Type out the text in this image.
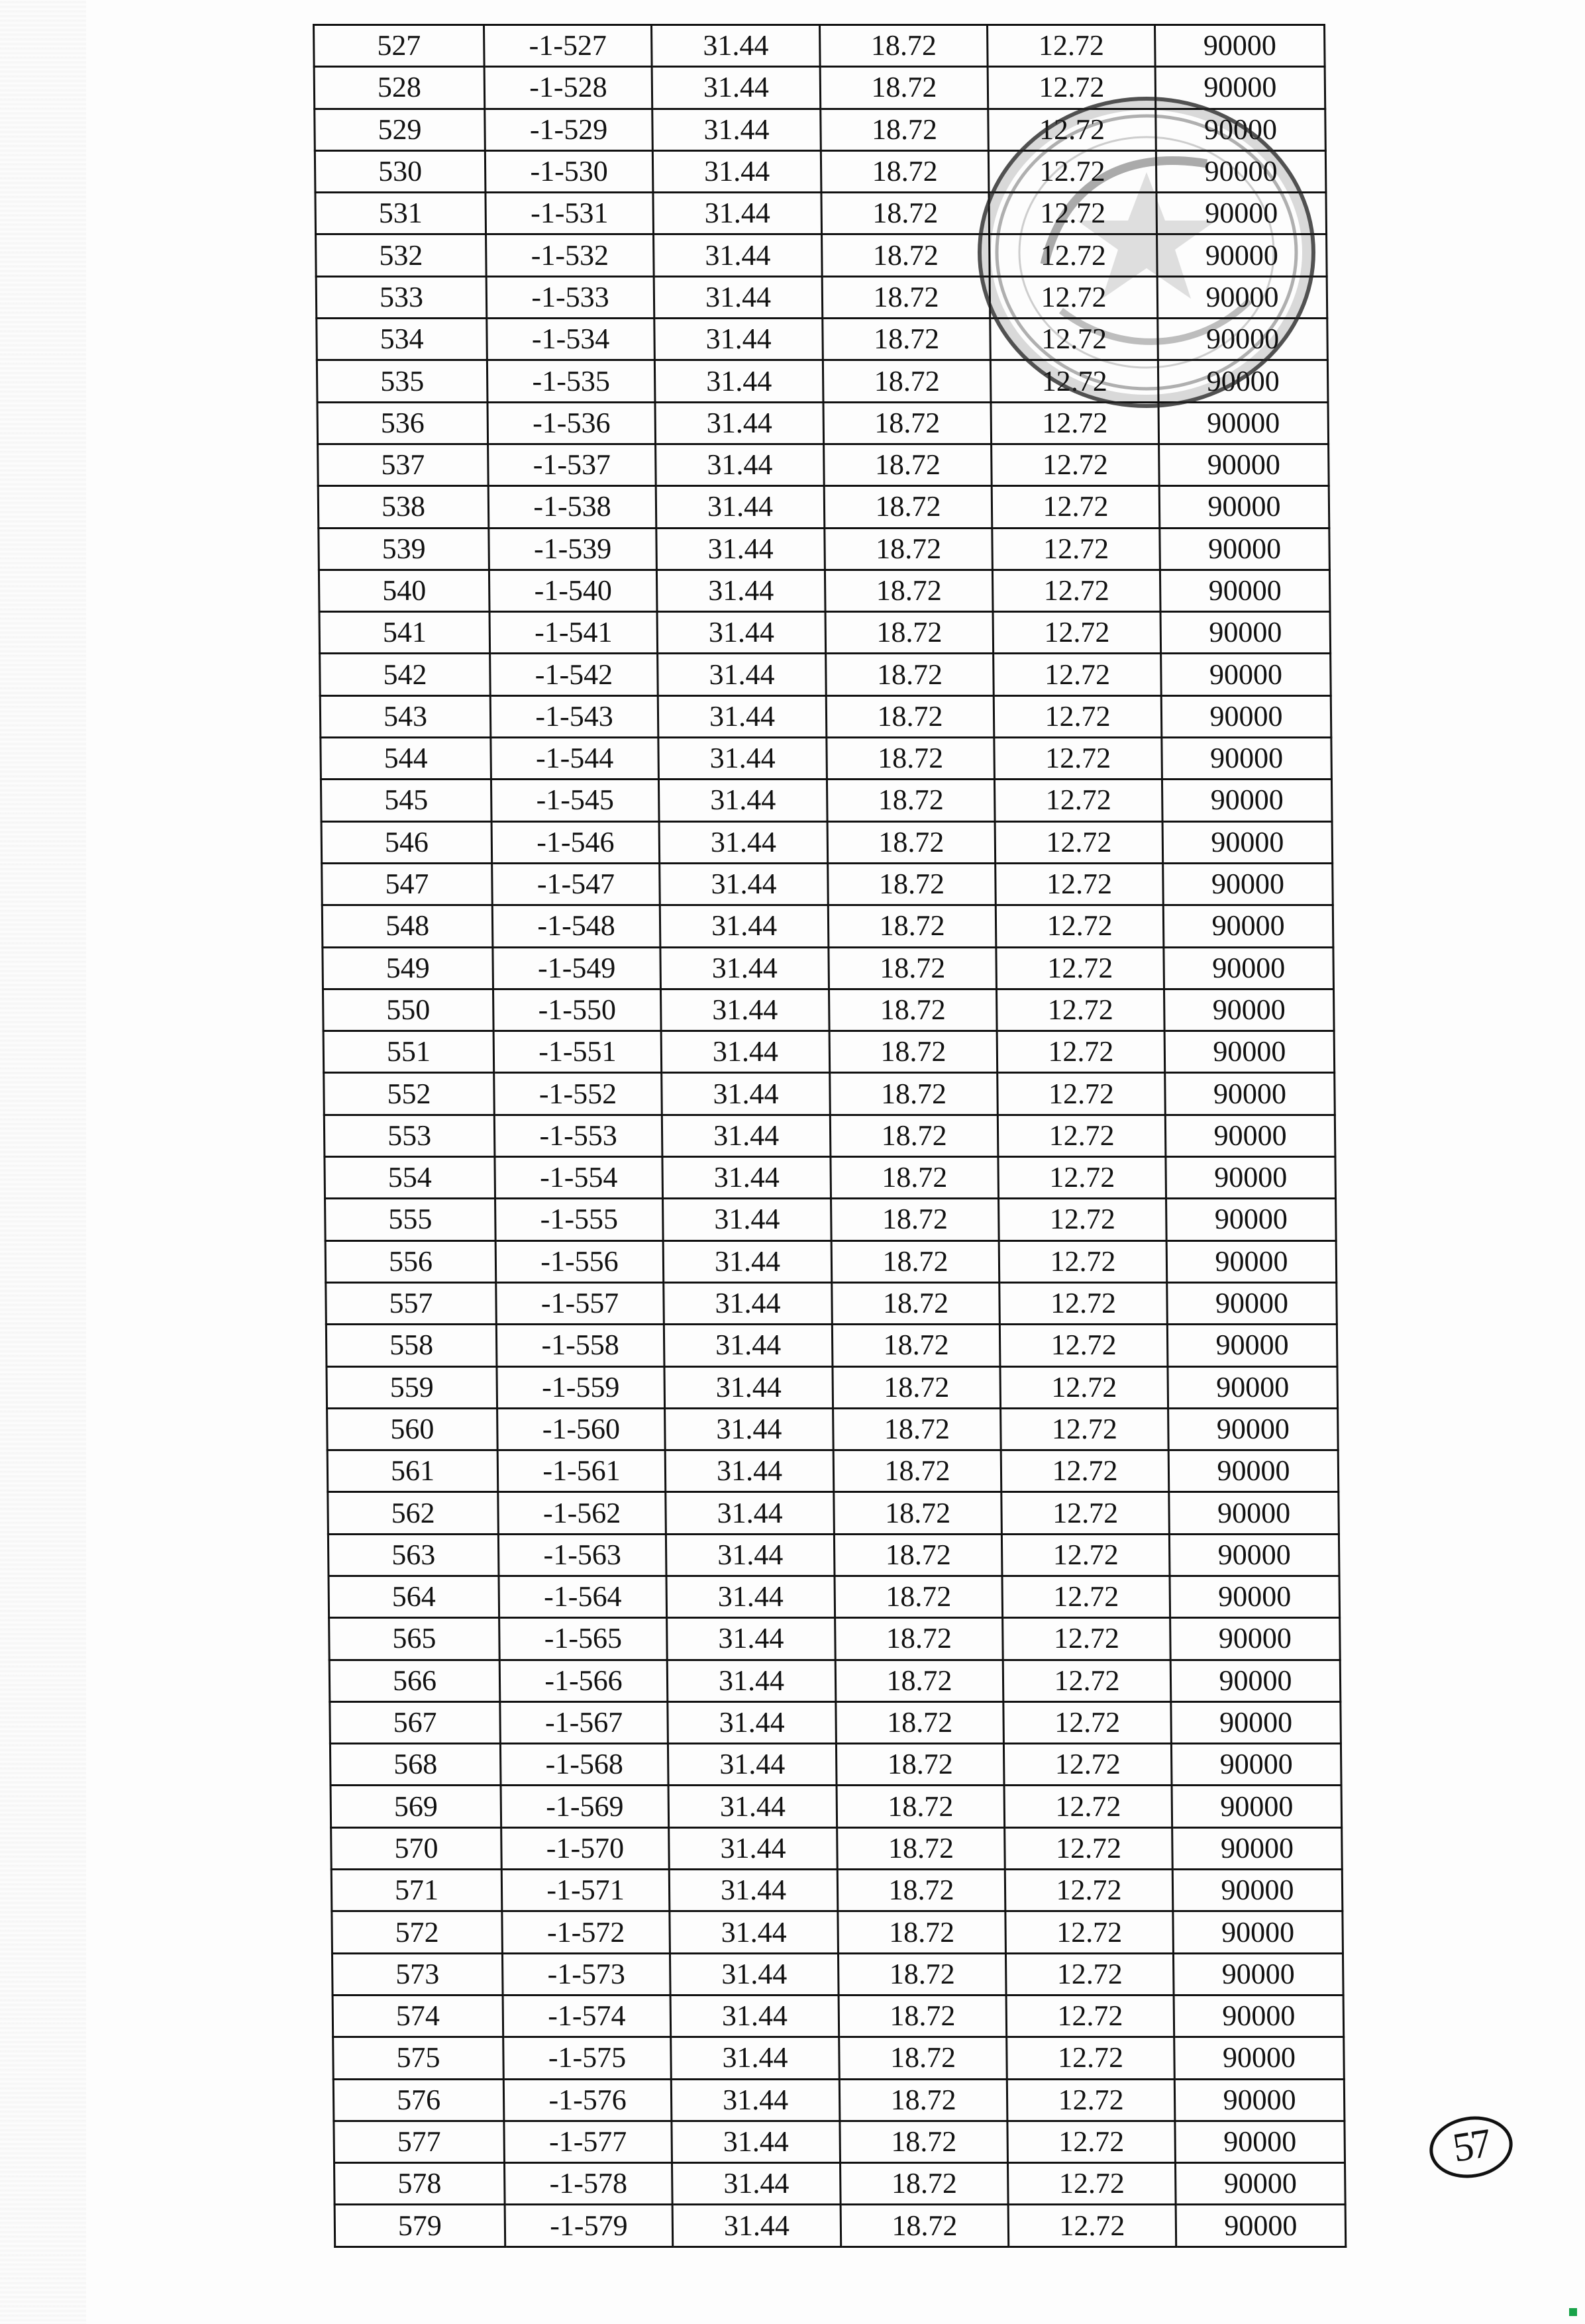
527	-1-527	31.44	18.72	12.72	90000
528	-1-528	31.44	18.72	12.72	90000
529	-1-529	31.44	18.72	12.72	90000
530	-1-530	31.44	18.72	12.72	90000
531	-1-531	31.44	18.72	12.72	90000
532	-1-532	31.44	18.72	12.72	90000
533	-1-533	31.44	18.72	12.72	90000
534	-1-534	31.44	18.72	12.72	90000
535	-1-535	31.44	18.72	12.72	90000
536	-1-536	31.44	18.72	12.72	90000
537	-1-537	31.44	18.72	12.72	90000
538	-1-538	31.44	18.72	12.72	90000
539	-1-539	31.44	18.72	12.72	90000
540	-1-540	31.44	18.72	12.72	90000
541	-1-541	31.44	18.72	12.72	90000
542	-1-542	31.44	18.72	12.72	90000
543	-1-543	31.44	18.72	12.72	90000
544	-1-544	31.44	18.72	12.72	90000
545	-1-545	31.44	18.72	12.72	90000
546	-1-546	31.44	18.72	12.72	90000
547	-1-547	31.44	18.72	12.72	90000
548	-1-548	31.44	18.72	12.72	90000
549	-1-549	31.44	18.72	12.72	90000
550	-1-550	31.44	18.72	12.72	90000
551	-1-551	31.44	18.72	12.72	90000
552	-1-552	31.44	18.72	12.72	90000
553	-1-553	31.44	18.72	12.72	90000
554	-1-554	31.44	18.72	12.72	90000
555	-1-555	31.44	18.72	12.72	90000
556	-1-556	31.44	18.72	12.72	90000
557	-1-557	31.44	18.72	12.72	90000
558	-1-558	31.44	18.72	12.72	90000
559	-1-559	31.44	18.72	12.72	90000
560	-1-560	31.44	18.72	12.72	90000
561	-1-561	31.44	18.72	12.72	90000
562	-1-562	31.44	18.72	12.72	90000
563	-1-563	31.44	18.72	12.72	90000
564	-1-564	31.44	18.72	12.72	90000
565	-1-565	31.44	18.72	12.72	90000
566	-1-566	31.44	18.72	12.72	90000
567	-1-567	31.44	18.72	12.72	90000
568	-1-568	31.44	18.72	12.72	90000
569	-1-569	31.44	18.72	12.72	90000
570	-1-570	31.44	18.72	12.72	90000
571	-1-571	31.44	18.72	12.72	90000
572	-1-572	31.44	18.72	12.72	90000
573	-1-573	31.44	18.72	12.72	90000
574	-1-574	31.44	18.72	12.72	90000
575	-1-575	31.44	18.72	12.72	90000
576	-1-576	31.44	18.72	12.72	90000
577	-1-577	31.44	18.72	12.72	90000
578	-1-578	31.44	18.72	12.72	90000
579	-1-579	31.44	18.72	12.72	90000
57
